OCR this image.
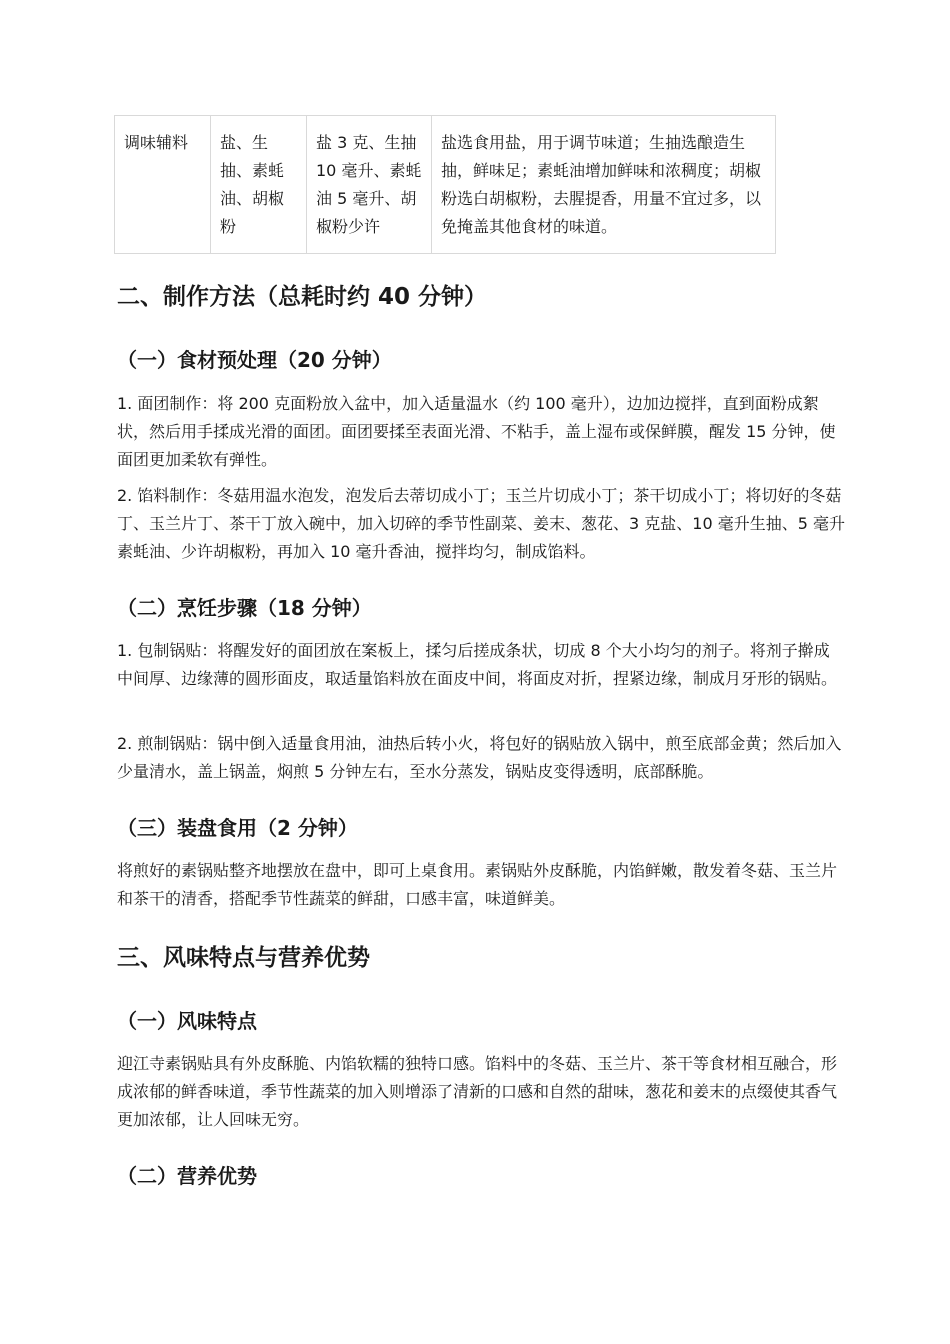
调味辅料	盐、生抽、素蚝油、胡椒粉	盐 3 克、生抽 10 毫升、素蚝油 5 毫升、胡椒粉少许	盐选食用盐，用于调节味道；生抽选酿造生抽，鲜味足；素蚝油增加鲜味和浓稠度；胡椒粉选白胡椒粉，去腥提香，用量不宜过多，以免掩盖其他食材的味道。
二、制作方法（总耗时约 40 分钟）
（一）食材预处理（20 分钟）

1. 面团制作：将 200 克面粉放入盆中，加入适量温水（约 100 毫升），边加边搅拌，直到面粉成絮状，然后用手揉成光滑的面团。面团要揉至表面光滑、不粘手，盖上湿布或保鲜膜，醒发 15 分钟，使面团更加柔软有弹性。

2. 馅料制作：冬菇用温水泡发，泡发后去蒂切成小丁；玉兰片切成小丁；茶干切成小丁；将切好的冬菇丁、玉兰片丁、茶干丁放入碗中，加入切碎的季节性副菜、姜末、葱花、3 克盐、10 毫升生抽、5 毫升素蚝油、少许胡椒粉，再加入 10 毫升香油，搅拌均匀，制成馅料。

（二）烹饪步骤（18 分钟）

1. 包制锅贴：将醒发好的面团放在案板上，揉匀后搓成条状，切成 8 个大小均匀的剂子。将剂子擀成中间厚、边缘薄的圆形面皮，取适量馅料放在面皮中间，将面皮对折，捏紧边缘，制成月牙形的锅贴。

2. 煎制锅贴：锅中倒入适量食用油，油热后转小火，将包好的锅贴放入锅中，煎至底部金黄；然后加入少量清水，盖上锅盖，焖煎 5 分钟左右，至水分蒸发，锅贴皮变得透明，底部酥脆。

（三）装盘食用（2 分钟）

将煎好的素锅贴整齐地摆放在盘中，即可上桌食用。素锅贴外皮酥脆，内馅鲜嫩，散发着冬菇、玉兰片和茶干的清香，搭配季节性蔬菜的鲜甜，口感丰富，味道鲜美。

三、风味特点与营养优势
（一）风味特点

迎江寺素锅贴具有外皮酥脆、内馅软糯的独特口感。馅料中的冬菇、玉兰片、茶干等食材相互融合，形成浓郁的鲜香味道，季节性蔬菜的加入则增添了清新的口感和自然的甜味，葱花和姜末的点缀使其香气更加浓郁，让人回味无穷。

（二）营养优势
